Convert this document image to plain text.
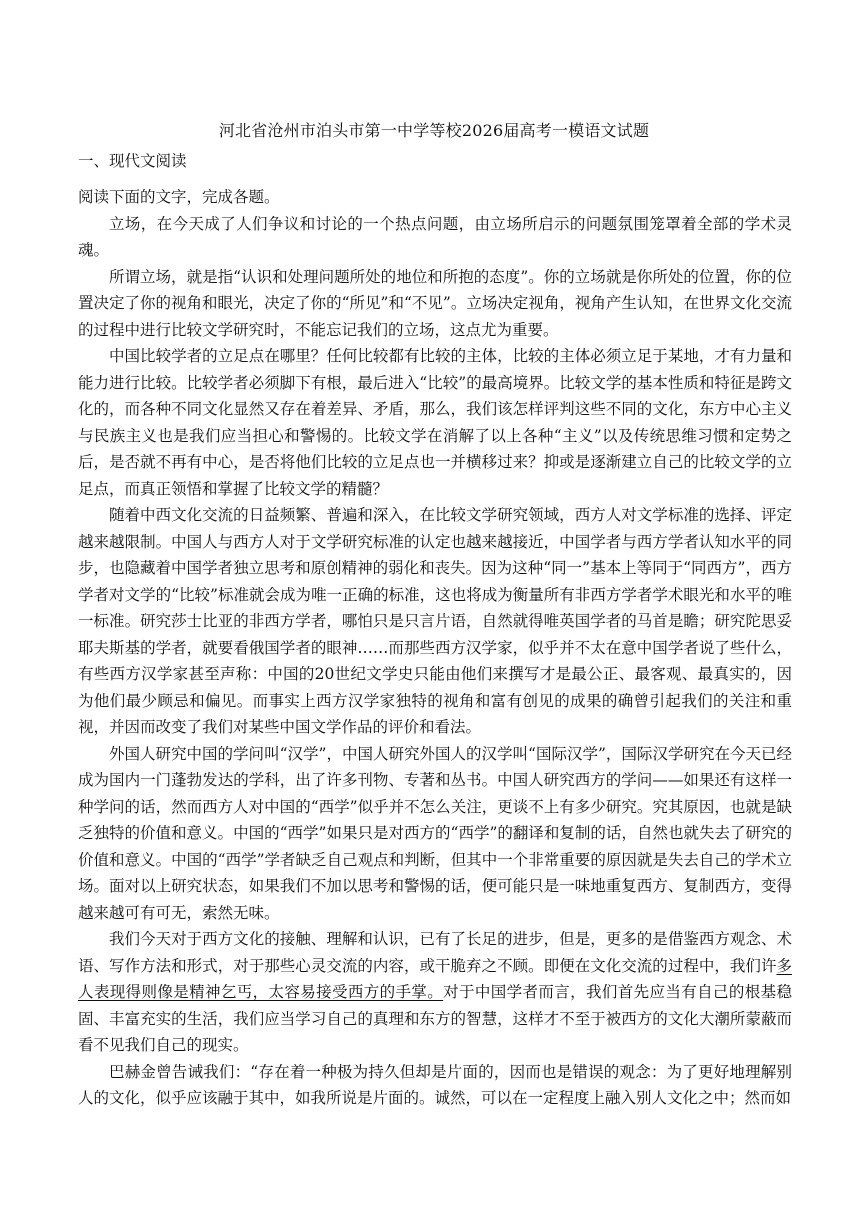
河北省沧州市泊头市第一中学等校2026届高考一模语文试题
一、现代文阅读

阅读下面的文字，完成各题。

立场，在今天成了人们争议和讨论的一个热点问题，由立场所启示的问题氛围笼罩着全部的学术灵魂。

所谓立场，就是指“认识和处理问题所处的地位和所抱的态度”。你的立场就是你所处的位置，你的位置决定了你的视角和眼光，决定了你的“所见”和“不见”。立场决定视角，视角产生认知，在世界文化交流的过程中进行比较文学研究时，不能忘记我们的立场，这点尤为重要。

中国比较学者的立足点在哪里？任何比较都有比较的主体，比较的主体必须立足于某地，才有力量和能力进行比较。比较学者必须脚下有根，最后进入“比较”的最高境界。比较文学的基本性质和特征是跨文化的，而各种不同文化显然又存在着差异、矛盾，那么，我们该怎样评判这些不同的文化，东方中心主义与民族主义也是我们应当担心和警惕的。比较文学在消解了以上各种“主义”以及传统思维习惯和定势之后，是否就不再有中心，是否将他们比较的立足点也一并横移过来？抑或是逐渐建立自己的比较文学的立足点，而真正领悟和掌握了比较文学的精髓？

随着中西文化交流的日益频繁、普遍和深入，在比较文学研究领域，西方人对文学标准的选择、评定越来越限制。中国人与西方人对于文学研究标准的认定也越来越接近，中国学者与西方学者认知水平的同步，也隐藏着中国学者独立思考和原创精神的弱化和丧失。因为这种“同一”基本上等同于“同西方”，西方学者对文学的“比较”标准就会成为唯一正确的标准，这也将成为衡量所有非西方学者学术眼光和水平的唯一标准。研究莎士比亚的非西方学者，哪怕只是只言片语，自然就得唯英国学者的马首是瞻；研究陀思妥耶夫斯基的学者，就要看俄国学者的眼神……而那些西方汉学家，似乎并不太在意中国学者说了些什么，有些西方汉学家甚至声称：中国的20世纪文学史只能由他们来撰写才是最公正、最客观、最真实的，因为他们最少顾忌和偏见。而事实上西方汉学家独特的视角和富有创见的成果的确曾引起我们的关注和重视，并因而改变了我们对某些中国文学作品的评价和看法。

外国人研究中国的学问叫“汉学”，中国人研究外国人的汉学叫“国际汉学”，国际汉学研究在今天已经成为国内一门蓬勃发达的学科，出了许多刊物、专著和丛书。中国人研究西方的学问——如果还有这样一种学问的话，然而西方人对中国的“西学”似乎并不怎么关注，更谈不上有多少研究。究其原因，也就是缺乏独特的价值和意义。中国的“西学”如果只是对西方的“西学”的翻译和复制的话，自然也就失去了研究的价值和意义。中国的“西学”学者缺乏自己观点和判断，但其中一个非常重要的原因就是失去自己的学术立场。面对以上研究状态，如果我们不加以思考和警惕的话，便可能只是一味地重复西方、复制西方，变得越来越可有可无，索然无味。

我们今天对于西方文化的接触、理解和认识，已有了长足的进步，但是，更多的是借鉴西方观念、术语、写作方法和形式，对于那些心灵交流的内容，或干脆弃之不顾。即便在文化交流的过程中，我们许多人表现得则像是精神乞丐，太容易接受西方的手掌。对于中国学者而言，我们首先应当有自己的根基稳固、丰富充实的生活，我们应当学习自己的真理和东方的智慧，这样才不至于被西方的文化大潮所蒙蔽而看不见我们自己的现实。

巴赫金曾告诫我们：“存在着一种极为持久但却是片面的，因而也是错误的观念：为了更好地理解别人的文化，似乎应该融于其中，如我所说是片面的。诚然，可以在一定程度上融入别人文化之中；然而如
